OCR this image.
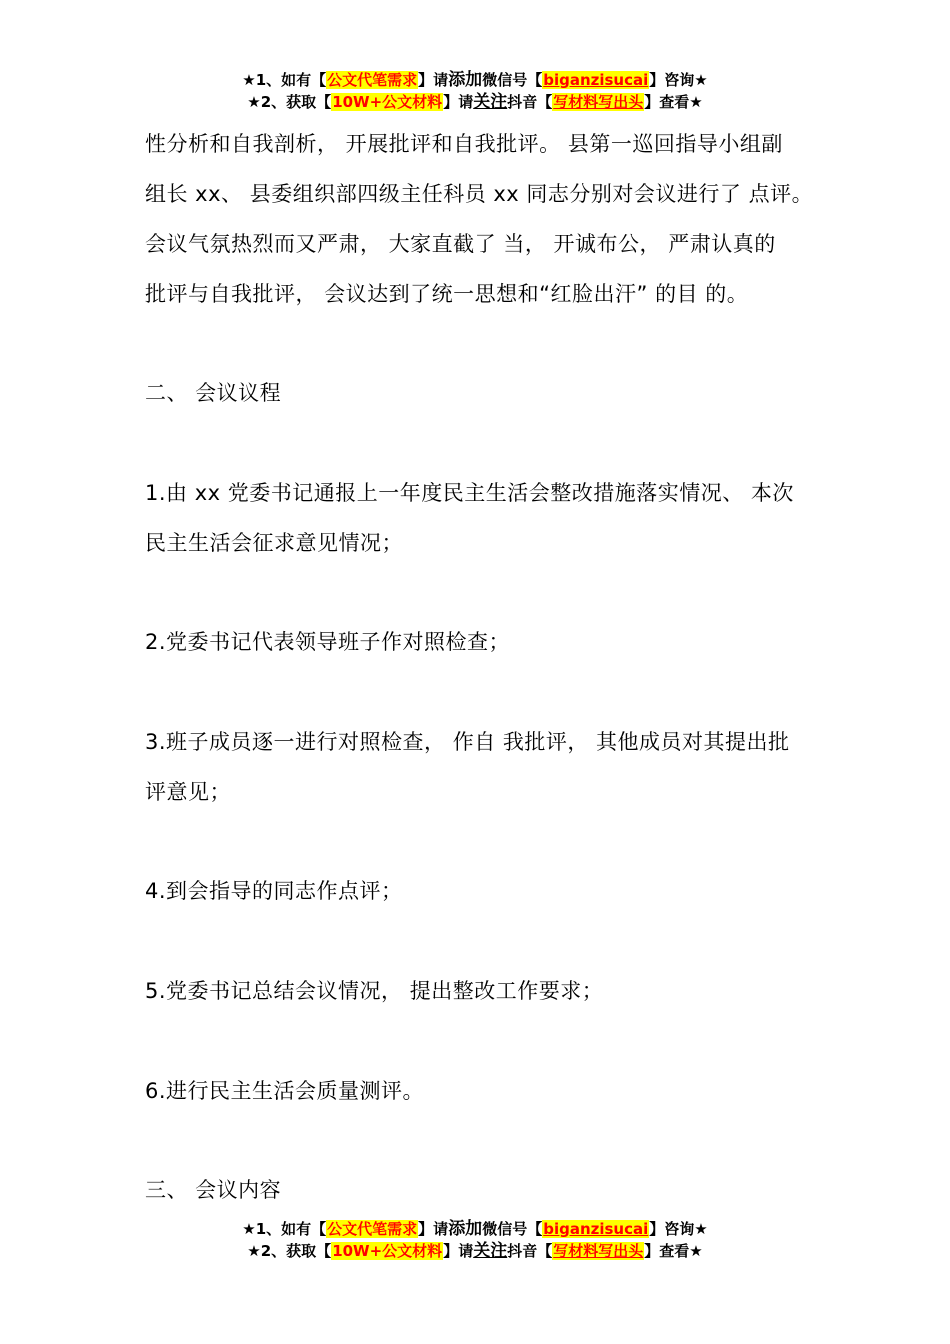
★1、如有【公文代笔需求】请添加微信号【biganzisucai】咨询★
★2、获取【10W+公文材料】请关注抖音【写材料写出头】查看★
性分析和自我剖析， 开展批评和自我批评。 县第一巡回指导小组副
组长 xx、 县委组织部四级主任科员 xx 同志分别对会议进行了 点评。
会议气氛热烈而又严肃， 大家直截了 当， 开诚布公， 严肃认真的
批评与自我批评， 会议达到了统一思想和“红脸出汗” 的目 的。
二、 会议议程
1.由 xx 党委书记通报上一年度民主生活会整改措施落实情况、 本次
民主生活会征求意见情况；
2.党委书记代表领导班子作对照检查；
3.班子成员逐一进行对照检查， 作自 我批评， 其他成员对其提出批
评意见；
4.到会指导的同志作点评；
5.党委书记总结会议情况， 提出整改工作要求；
6.进行民主生活会质量测评。
三、 会议内容
★1、如有【公文代笔需求】请添加微信号【biganzisucai】咨询★
★2、获取【10W+公文材料】请关注抖音【写材料写出头】查看★
